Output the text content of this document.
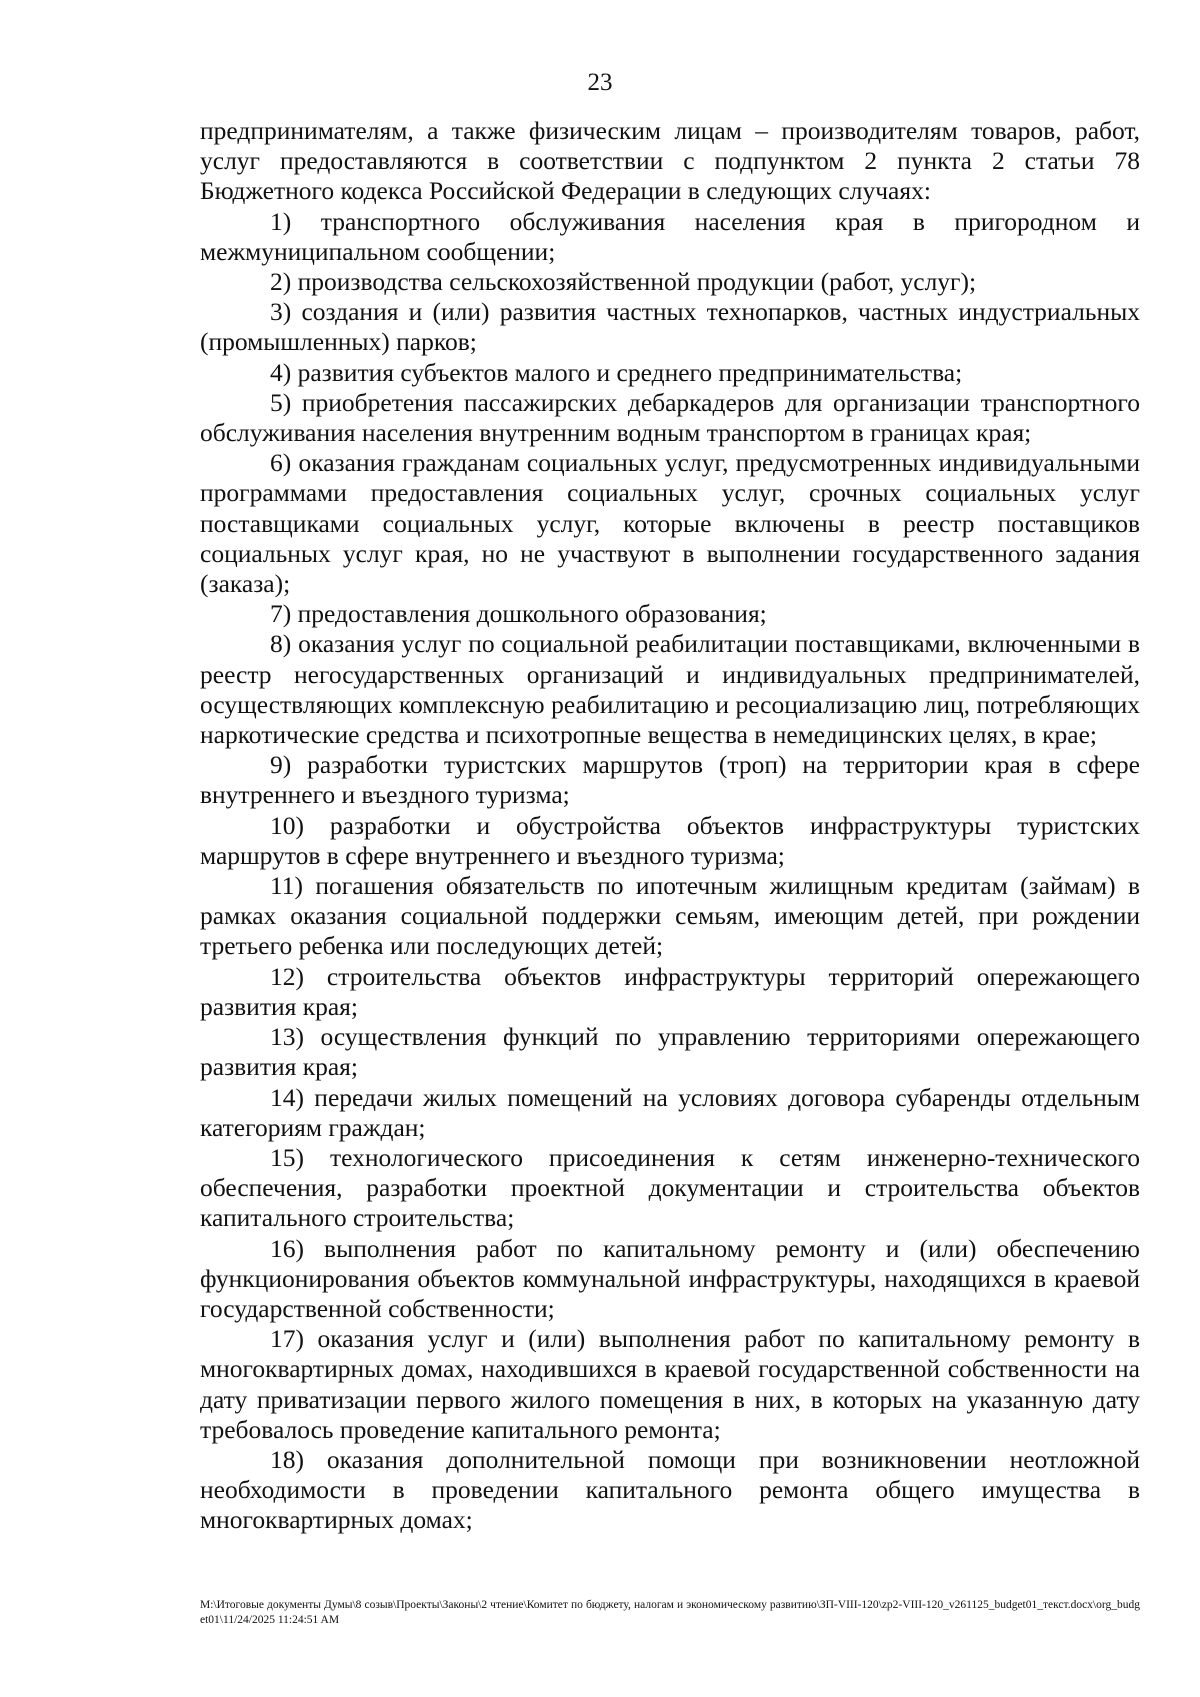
23

предпринимателям, а также физическим лицам – производителям товаров, работ, услуг предоставляются в соответствии с подпунктом 2 пункта 2 статьи 78 Бюджетного кодекса Российской Федерации в следующих случаях:

1) транспортного обслуживания населения края в пригородном и межмуниципальном сообщении;

2) производства сельскохозяйственной продукции (работ, услуг);

3) создания и (или) развития частных технопарков, частных индустриальных (промышленных) парков;

4) развития субъектов малого и среднего предпринимательства;

5) приобретения пассажирских дебаркадеров для организации транспортного обслуживания населения внутренним водным транспортом в границах края;

6) оказания гражданам социальных услуг, предусмотренных индивидуальными программами предоставления социальных услуг, срочных социальных услуг поставщиками социальных услуг, которые включены в реестр поставщиков социальных услуг края, но не участвуют в выполнении государственного задания (заказа);

7) предоставления дошкольного образования;

8) оказания услуг по социальной реабилитации поставщиками, включенными в реестр негосударственных организаций и индивидуальных предпринимателей, осуществляющих комплексную реабилитацию и ресоциализацию лиц, потребляющих наркотические средства и психотропные вещества в немедицинских целях, в крае;

9) разработки туристских маршрутов (троп) на территории края в сфере внутреннего и въездного туризма;

10) разработки и обустройства объектов инфраструктуры туристских маршрутов в сфере внутреннего и въездного туризма;

11) погашения обязательств по ипотечным жилищным кредитам (займам) в рамках оказания социальной поддержки семьям, имеющим детей, при рождении третьего ребенка или последующих детей;

12) строительства объектов инфраструктуры территорий опережающего развития края;

13) осуществления функций по управлению территориями опережающего развития края;

14) передачи жилых помещений на условиях договора субаренды отдельным категориям граждан;

15) технологического присоединения к сетям инженерно-технического обеспечения, разработки проектной документации и строительства объектов капитального строительства;

16) выполнения работ по капитальному ремонту и (или) обеспечению функционирования объектов коммунальной инфраструктуры, находящихся в краевой государственной собственности;

17) оказания услуг и (или) выполнения работ по капитальному ремонту в многоквартирных домах, находившихся в краевой государственной собственности на дату приватизации первого жилого помещения в них, в которых на указанную дату требовалось проведение капитального ремонта;

18) оказания дополнительной помощи при возникновении неотложной необходимости в проведении капитального ремонта общего имущества в многоквартирных домах;

М:\Итоговые документы Думы\8 созыв\Проекты\Законы\2 чтение\Комитет по бюджету, налогам и экономическому развитию\ЗП-VIII-120\zp2-VIII-120_v261125_budget01_текст.docx\org_budget01\11/24/2025 11:24:51 AM
